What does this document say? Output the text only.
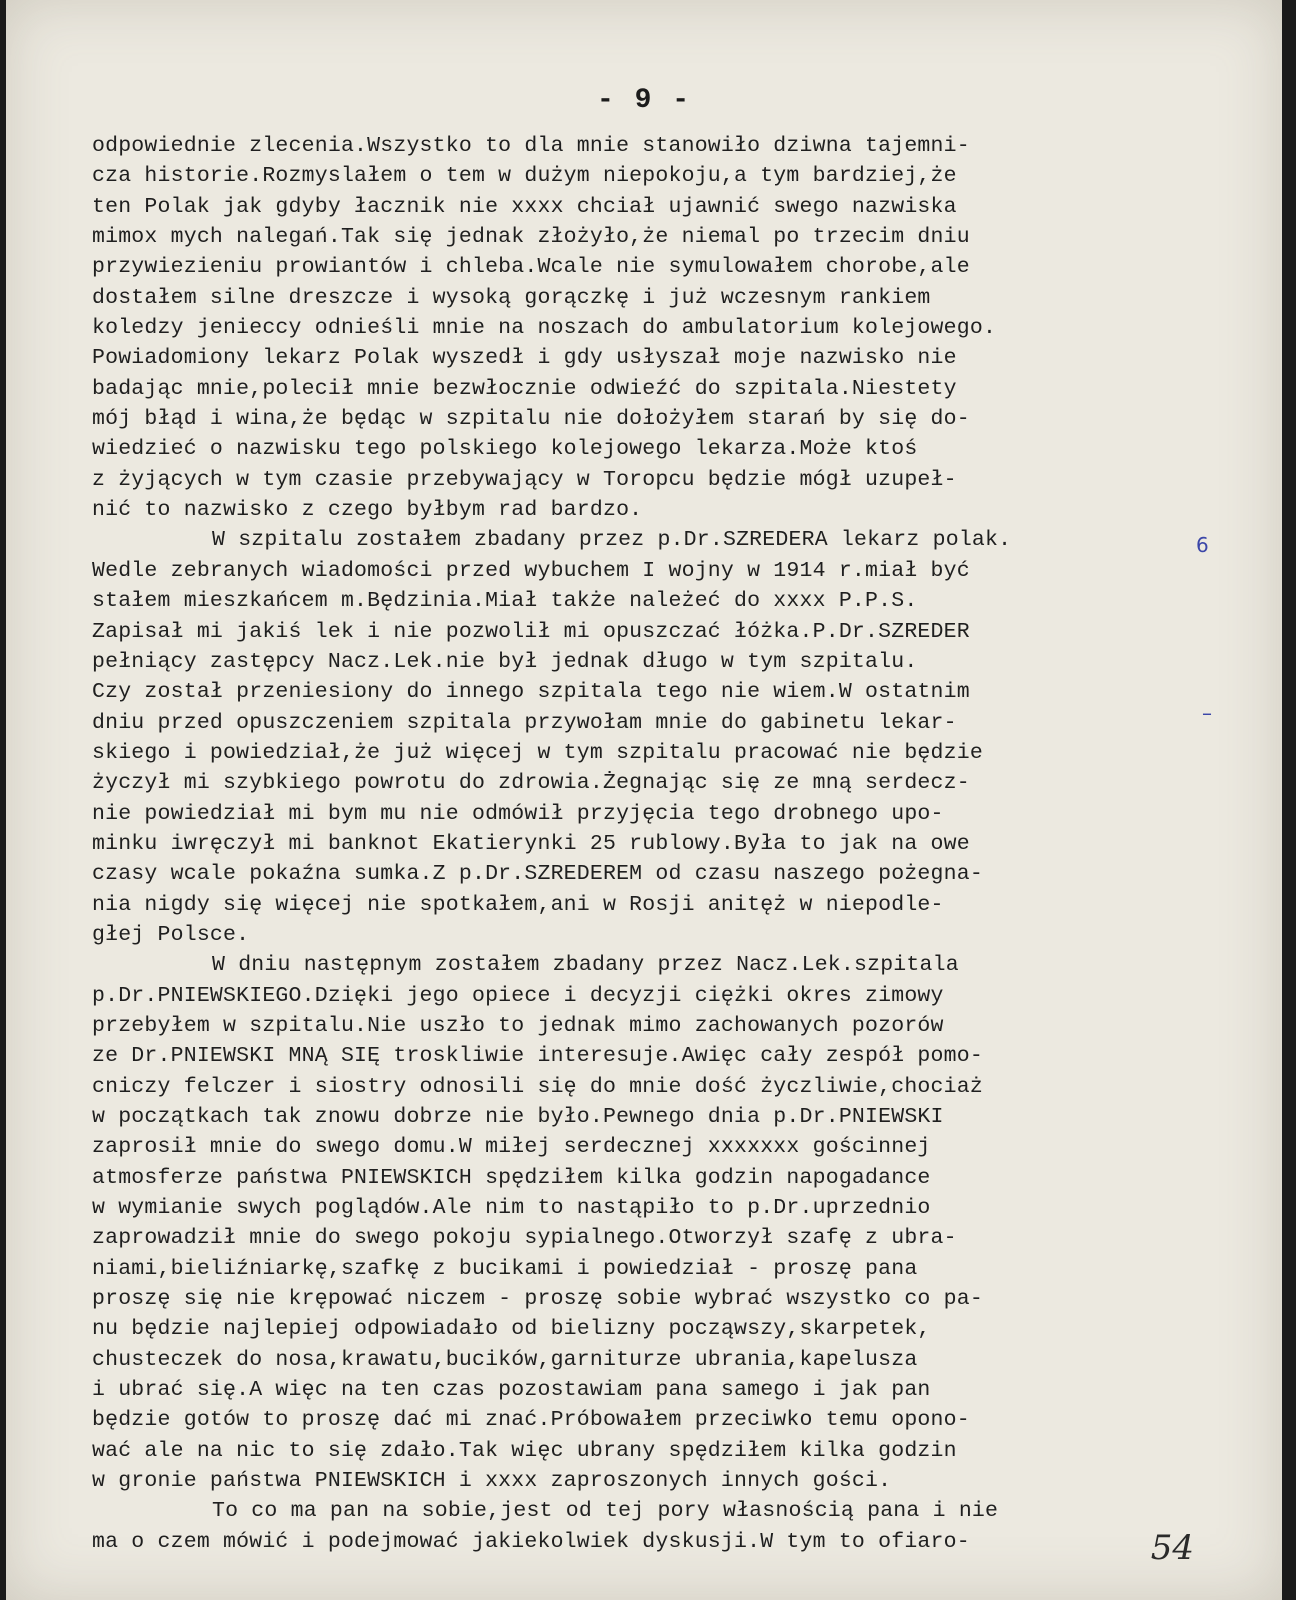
- 9 -
odpowiednie zlecenia.Wszystko to dla mnie stanowiło dziwna tajemni-
cza historie.Rozmyslałem o tem w dużym niepokoju,a tym bardziej,że
ten Polak jak gdyby łacznik nie xxxx chciał ujawnić swego nazwiska
mimox mych nalegań.Tak się jednak złożyło,że niemal po trzecim dniu
przywiezieniu prowiantów i chleba.Wcale nie symulowałem chorobe,ale
dostałem silne dreszcze i wysoką gorączkę i już wczesnym rankiem
koledzy jenieccy odnieśli mnie na noszach do ambulatorium kolejowego.
Powiadomiony lekarz Polak wyszedł i gdy usłyszał moje nazwisko nie
badając mnie,polecił mnie bezwłocznie odwieźć do szpitala.Niestety
mój błąd i wina,że będąc w szpitalu nie dołożyłem starań by się do-
wiedzieć o nazwisku tego polskiego kolejowego lekarza.Może ktoś
z żyjących w tym czasie przebywający w Toropcu będzie mógł uzupeł-
nić to nazwisko z czego byłbym rad bardzo.
W szpitalu zostałem zbadany przez p.Dr.SZREDERA lekarz polak.
Wedle zebranych wiadomości przed wybuchem I wojny w 1914 r.miał być
stałem mieszkańcem m.Będzinia.Miał także należeć do xxxx P.P.S.
Zapisał mi jakiś lek i nie pozwolił mi opuszczać łóżka.P.Dr.SZREDER
pełniący zastępcy Nacz.Lek.nie był jednak długo w tym szpitalu.
Czy został przeniesiony do innego szpitala tego nie wiem.W ostatnim
dniu przed opuszczeniem szpitala przywołam mnie do gabinetu lekar-
skiego i powiedział,że już więcej w tym szpitalu pracować nie będzie
życzył mi szybkiego powrotu do zdrowia.Żegnając się ze mną serdecz-
nie powiedział mi bym mu nie odmówił przyjęcia tego drobnego upo-
minku iwręczył mi banknot Ekatierynki 25 rublowy.Była to jak na owe
czasy wcale pokaźna sumka.Z p.Dr.SZREDEREM od czasu naszego pożegna-
nia nigdy się więcej nie spotkałem,ani w Rosji anitęż w niepodle-
głej Polsce.
W dniu następnym zostałem zbadany przez Nacz.Lek.szpitala
p.Dr.PNIEWSKIEGO.Dzięki jego opiece i decyzji ciężki okres zimowy
przebyłem w szpitalu.Nie uszło to jednak mimo zachowanych pozorów
ze Dr.PNIEWSKI MNĄ SIĘ troskliwie interesuje.Awięc cały zespół pomo-
cniczy felczer i siostry odnosili się do mnie dość życzliwie,chociaż
w początkach tak znowu dobrze nie było.Pewnego dnia p.Dr.PNIEWSKI
zaprosił mnie do swego domu.W miłej serdecznej xxxxxxx gościnnej
atmosferze państwa PNIEWSKICH spędziłem kilka godzin napogadance
w wymianie swych poglądów.Ale nim to nastąpiło to p.Dr.uprzednio
zaprowadził mnie do swego pokoju sypialnego.Otworzył szafę z ubra-
niami,bieliźniarkę,szafkę z bucikami i powiedział - proszę pana
proszę się nie krępować niczem - proszę sobie wybrać wszystko co pa-
nu będzie najlepiej odpowiadało od bielizny począwszy,skarpetek,
chusteczek do nosa,krawatu,bucików,garniturze ubrania,kapelusza
i ubrać się.A więc na ten czas pozostawiam pana samego i jak pan
będzie gotów to proszę dać mi znać.Próbowałem przeciwko temu opono-
wać ale na nic to się zdało.Tak więc ubrany spędziłem kilka godzin
w gronie państwa PNIEWSKICH i xxxx zaproszonych innych gości.
To co ma pan na sobie,jest od tej pory własnością pana i nie
ma o czem mówić i podejmować jakiekolwiek dyskusji.W tym to ofiaro-
–
6
54
